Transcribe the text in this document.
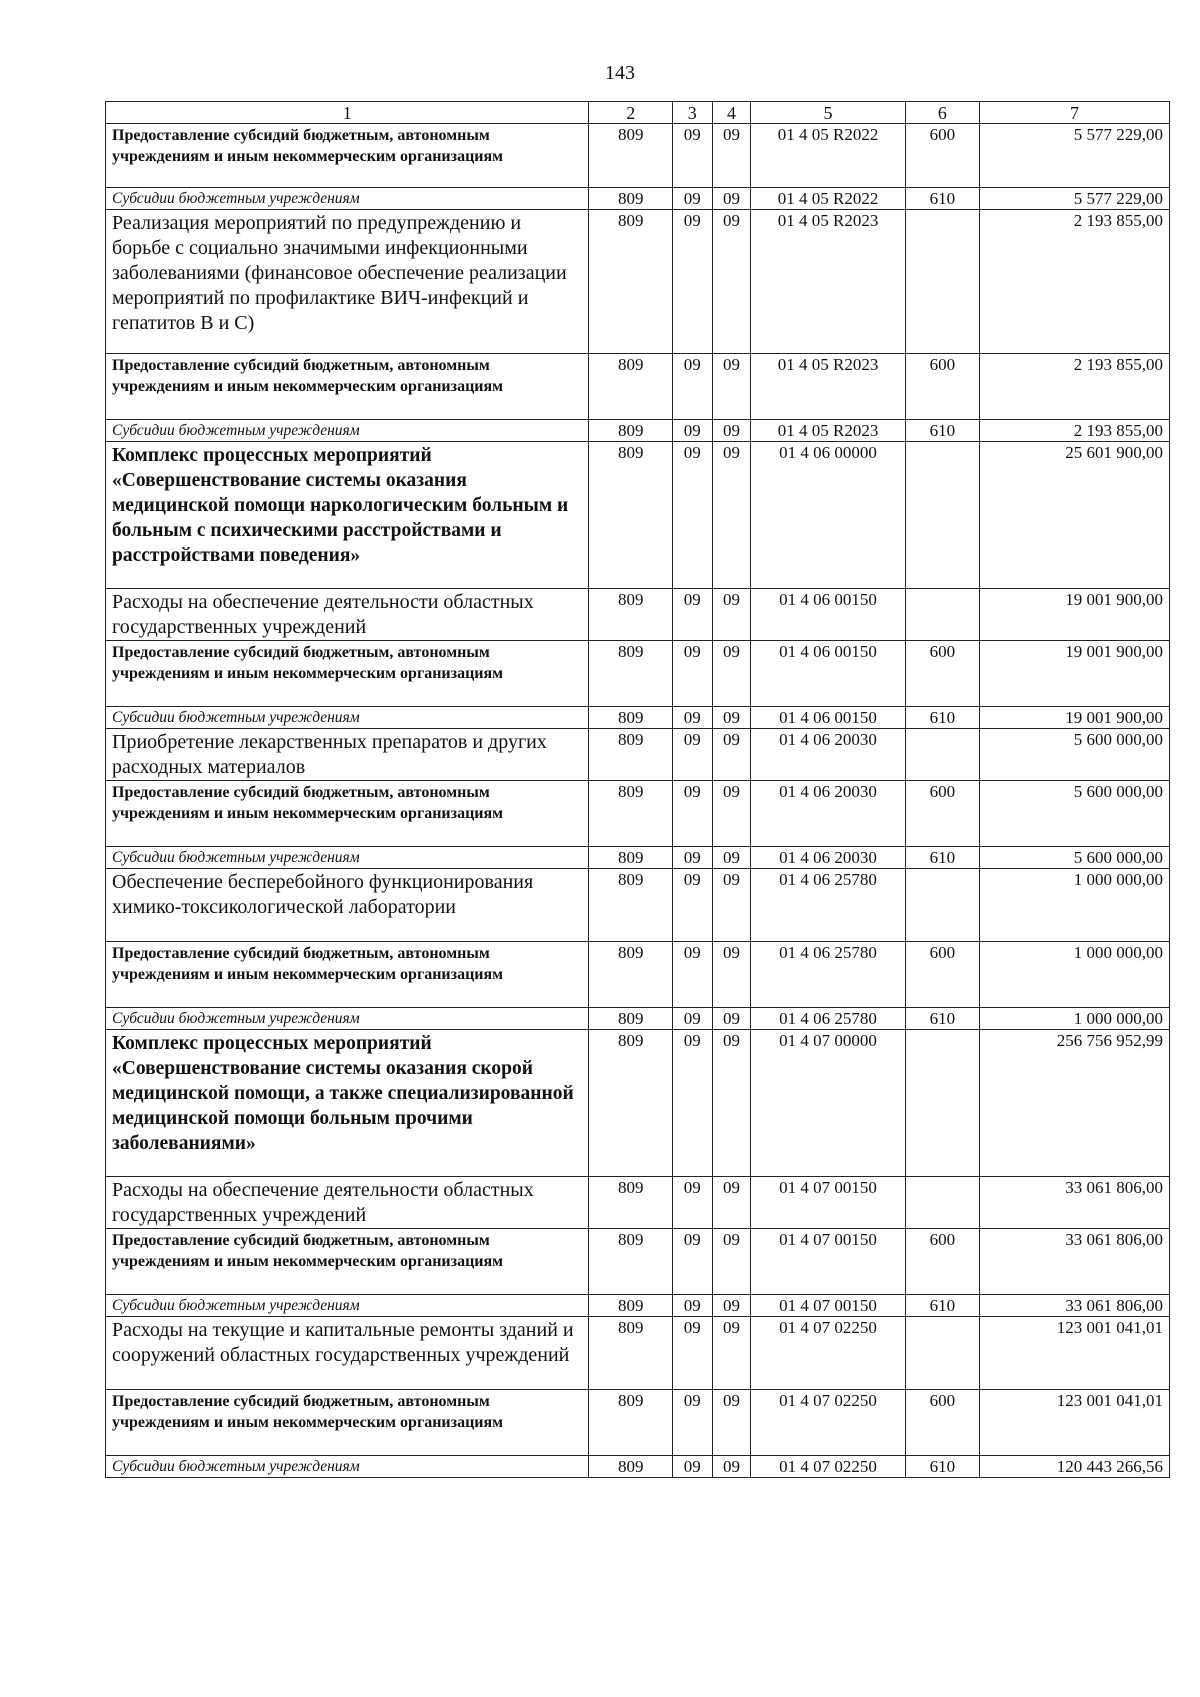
143
1	2	3	4	5	6	7
Предоставление субсидий бюджетным, автономным учреждениям и иным некоммерческим организациям	809	09	09	01 4 05 R2022	600	5 577 229,00
Субсидии бюджетным учреждениям	809	09	09	01 4 05 R2022	610	5 577 229,00
Реализация мероприятий по предупреждению и борьбе с социально значимыми инфекционными заболеваниями (финансовое обеспечение реализации мероприятий по профилактике ВИЧ-инфекций и гепатитов В и С)	809	09	09	01 4 05 R2023		2 193 855,00
Предоставление субсидий бюджетным, автономным учреждениям и иным некоммерческим организациям	809	09	09	01 4 05 R2023	600	2 193 855,00
Субсидии бюджетным учреждениям	809	09	09	01 4 05 R2023	610	2 193 855,00
Комплекс процессных мероприятий «Совершенствование системы оказания медицинской помощи наркологическим больным и больным с психическими расстройствами и расстройствами поведения»	809	09	09	01 4 06 00000		25 601 900,00
Расходы на обеспечение деятельности областных государственных учреждений	809	09	09	01 4 06 00150		19 001 900,00
Предоставление субсидий бюджетным, автономным учреждениям и иным некоммерческим организациям	809	09	09	01 4 06 00150	600	19 001 900,00
Субсидии бюджетным учреждениям	809	09	09	01 4 06 00150	610	19 001 900,00
Приобретение лекарственных препаратов и других расходных материалов	809	09	09	01 4 06 20030		5 600 000,00
Предоставление субсидий бюджетным, автономным учреждениям и иным некоммерческим организациям	809	09	09	01 4 06 20030	600	5 600 000,00
Субсидии бюджетным учреждениям	809	09	09	01 4 06 20030	610	5 600 000,00
Обеспечение бесперебойного функционирования химико-токсикологической лаборатории	809	09	09	01 4 06 25780		1 000 000,00
Предоставление субсидий бюджетным, автономным учреждениям и иным некоммерческим организациям	809	09	09	01 4 06 25780	600	1 000 000,00
Субсидии бюджетным учреждениям	809	09	09	01 4 06 25780	610	1 000 000,00
Комплекс процессных мероприятий «Совершенствование системы оказания скорой медицинской помощи, а также специализированной медицинской помощи больным прочими заболеваниями»	809	09	09	01 4 07 00000		256 756 952,99
Расходы на обеспечение деятельности областных государственных учреждений	809	09	09	01 4 07 00150		33 061 806,00
Предоставление субсидий бюджетным, автономным учреждениям и иным некоммерческим организациям	809	09	09	01 4 07 00150	600	33 061 806,00
Субсидии бюджетным учреждениям	809	09	09	01 4 07 00150	610	33 061 806,00
Расходы на текущие и капитальные ремонты зданий и сооружений областных государственных учреждений	809	09	09	01 4 07 02250		123 001 041,01
Предоставление субсидий бюджетным, автономным учреждениям и иным некоммерческим организациям	809	09	09	01 4 07 02250	600	123 001 041,01
Субсидии бюджетным учреждениям	809	09	09	01 4 07 02250	610	120 443 266,56
